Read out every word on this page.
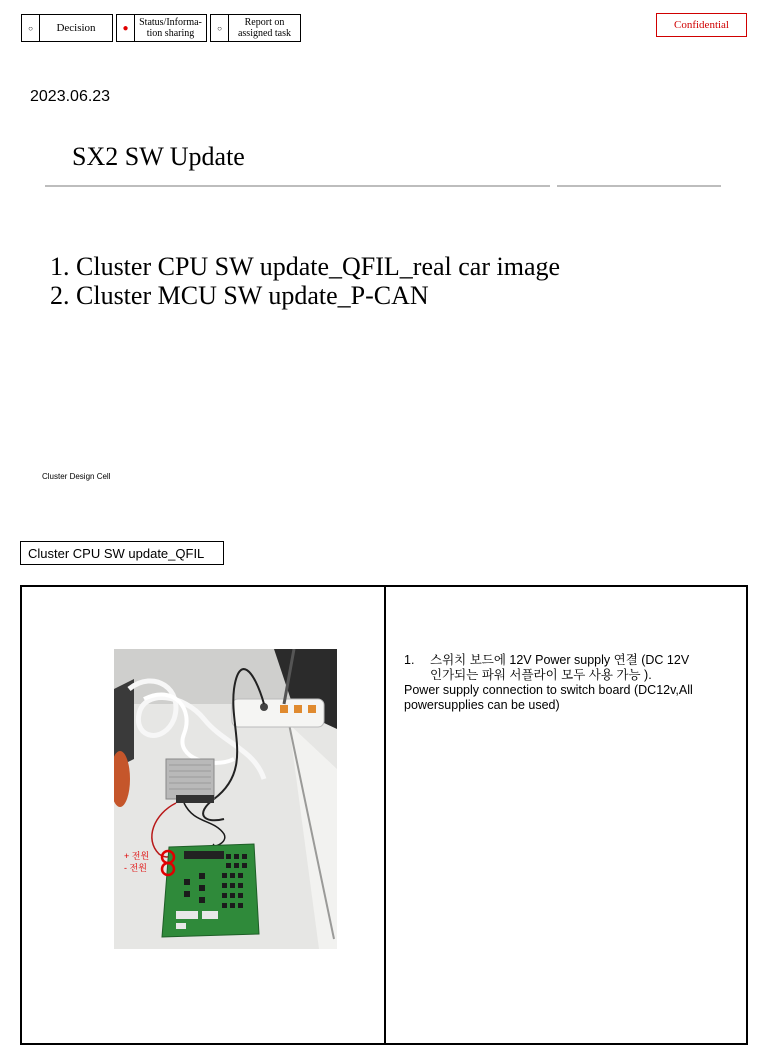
○	Decision	●	Status/Informa-
tion sharing	○	Report on
assigned task
Confidential
2023.06.23
SX2 SW Update
1. Cluster CPU SW update_QFIL_real car image
2. Cluster MCU SW update_P-CAN
Cluster Design Cell
Cluster CPU SW update_QFIL
+ 전원
- 전원
1. 스위치 보드에 12V Power supply 연결 (DC 12V
인가되는 파워 서플라이 모두 사용 가능 ).
Power supply connection to switch board (DC12v,All powersupplies can be used)
